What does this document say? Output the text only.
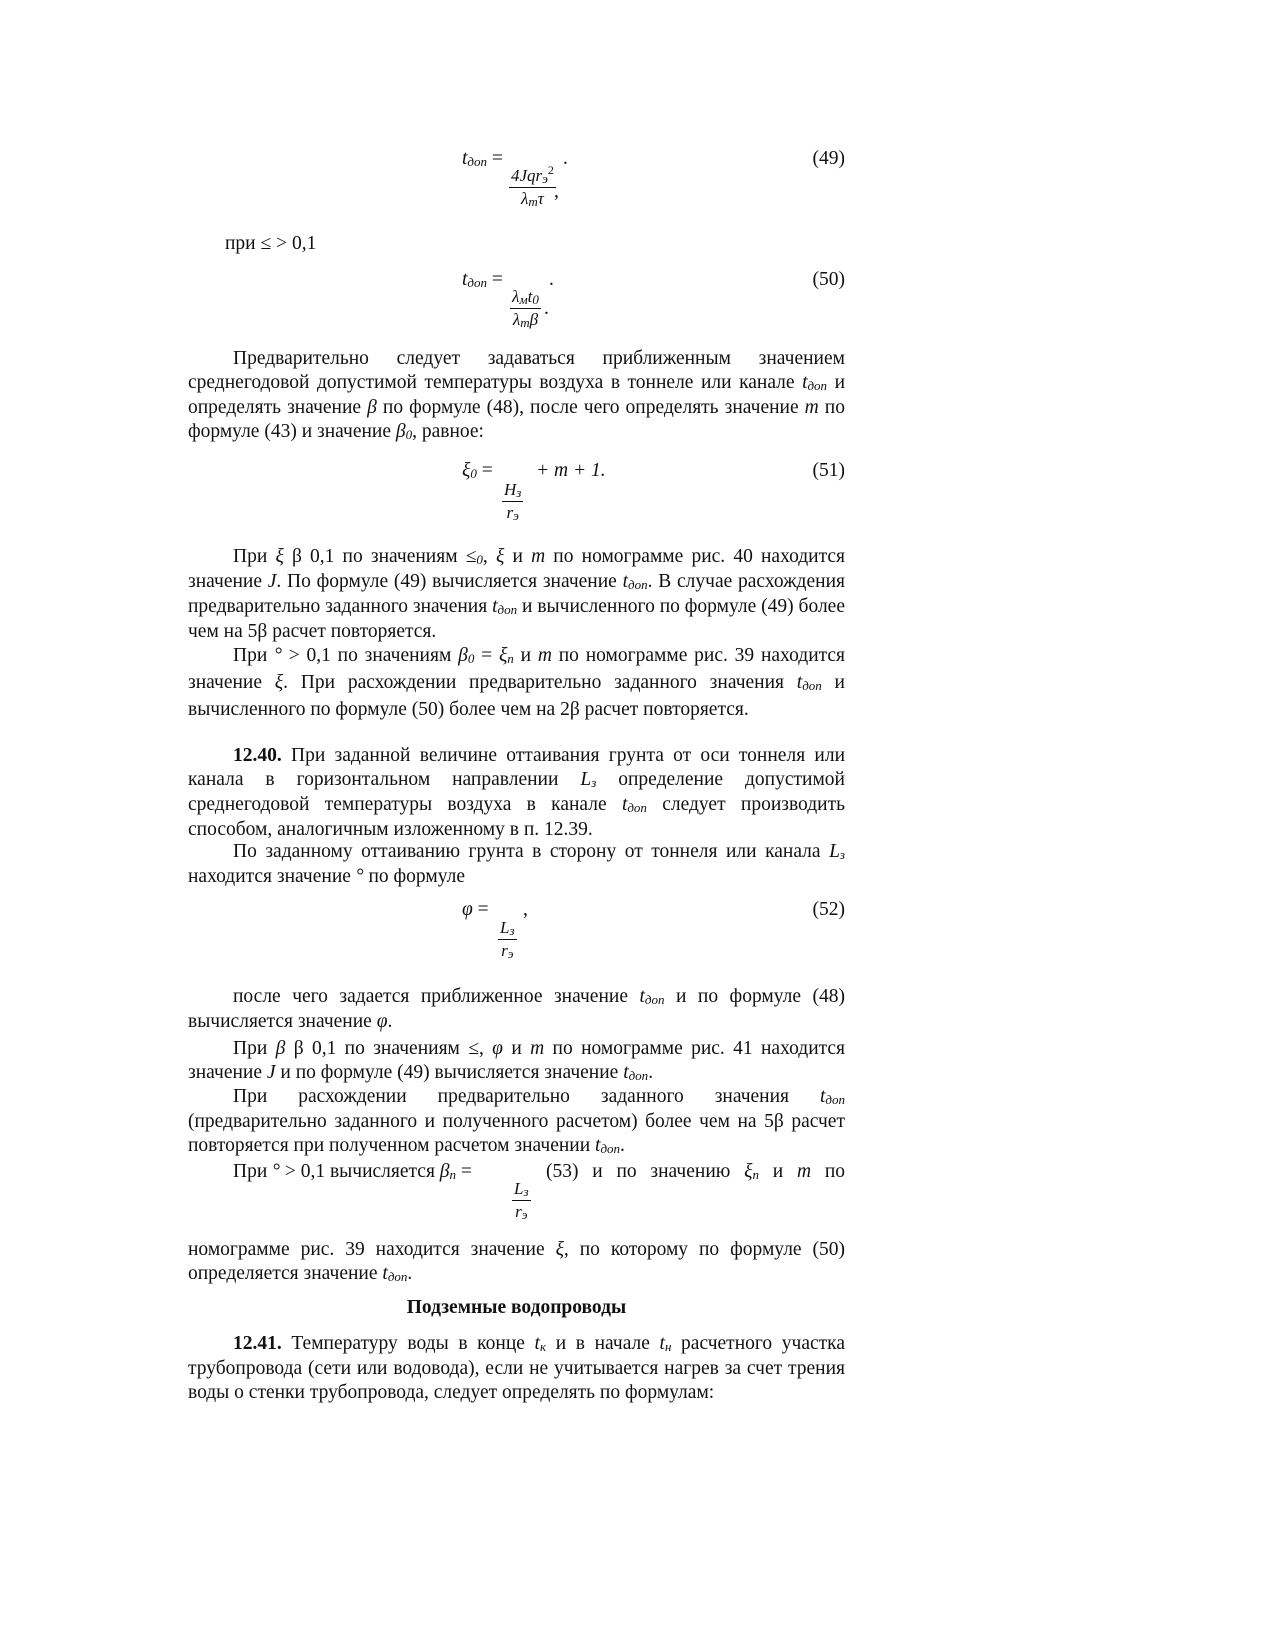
tдоп =	.
4Jqrэ$^2$
λтτ ,
(49)
при ≤ > 0,1
tдоп = .
λмt0
λтβ
.
(50)

Предварительно следует задаваться приближенным значением среднегодовой допустимой температуры воздуха в тоннеле или канале tдоп и определять значение β по формуле (48), после чего определять значение m по формуле (43) и значение β0, равное:

ξ0 =
Hз
rэ
+ m + 1.	(51)

При ξ β 0,1 по значениям ≤0, ξ и m по номограмме рис. 40 находится значение J. По формуле (49) вычисляется значение tдоп. В случае расхождения предварительно заданного значения tдоп и вычисленного по формуле (49) более чем на 5β расчет повторяется.

При ° > 0,1 по значениям β0 = ξп и m по номограмме рис. 39 находится значение ξ. При расхождении предварительно заданного значения tдоп и вычисленного по формуле (50) более чем на 2β расчет повторяется.

12.40. При заданной величине оттаивания грунта от оси тоннеля или канала в горизонтальном направлении Lз определение допустимой среднегодовой температуры воздуха в канале tдоп следует производить способом, аналогичным изложенному в п. 12.39.

По заданному оттаиванию грунта в сторону от тоннеля или канала Lз находится значение ° по формуле

φ =
Lз
rэ
,	(52)

после чего задается приближенное значение tдоп и по формуле (48) вычисляется значение φ.

При β β 0,1 по значениям ≤, φ и m по номограмме рис. 41 находится значение J и по формуле (49) вычисляется значение tдоп.

При расхождении предварительно заданного значения tдоп (предварительно заданного и полученного расчетом) более чем на 5β расчет повторяется при полученном расчетом значении tдоп.

При ° > 0,1 вычисляется βп =
Lз
rэ
(53) и по значению ξп и m по

номограмме рис. 39 находится значение ξ, по которому по формуле (50) определяется значение tдоп.

Подземные водопроводы

12.41. Температуру воды в конце tк и в начале tн расчетного участка трубопровода (сети или водовода), если не учитывается нагрев за счет трения воды о стенки трубопровода, следует определять по формулам:
